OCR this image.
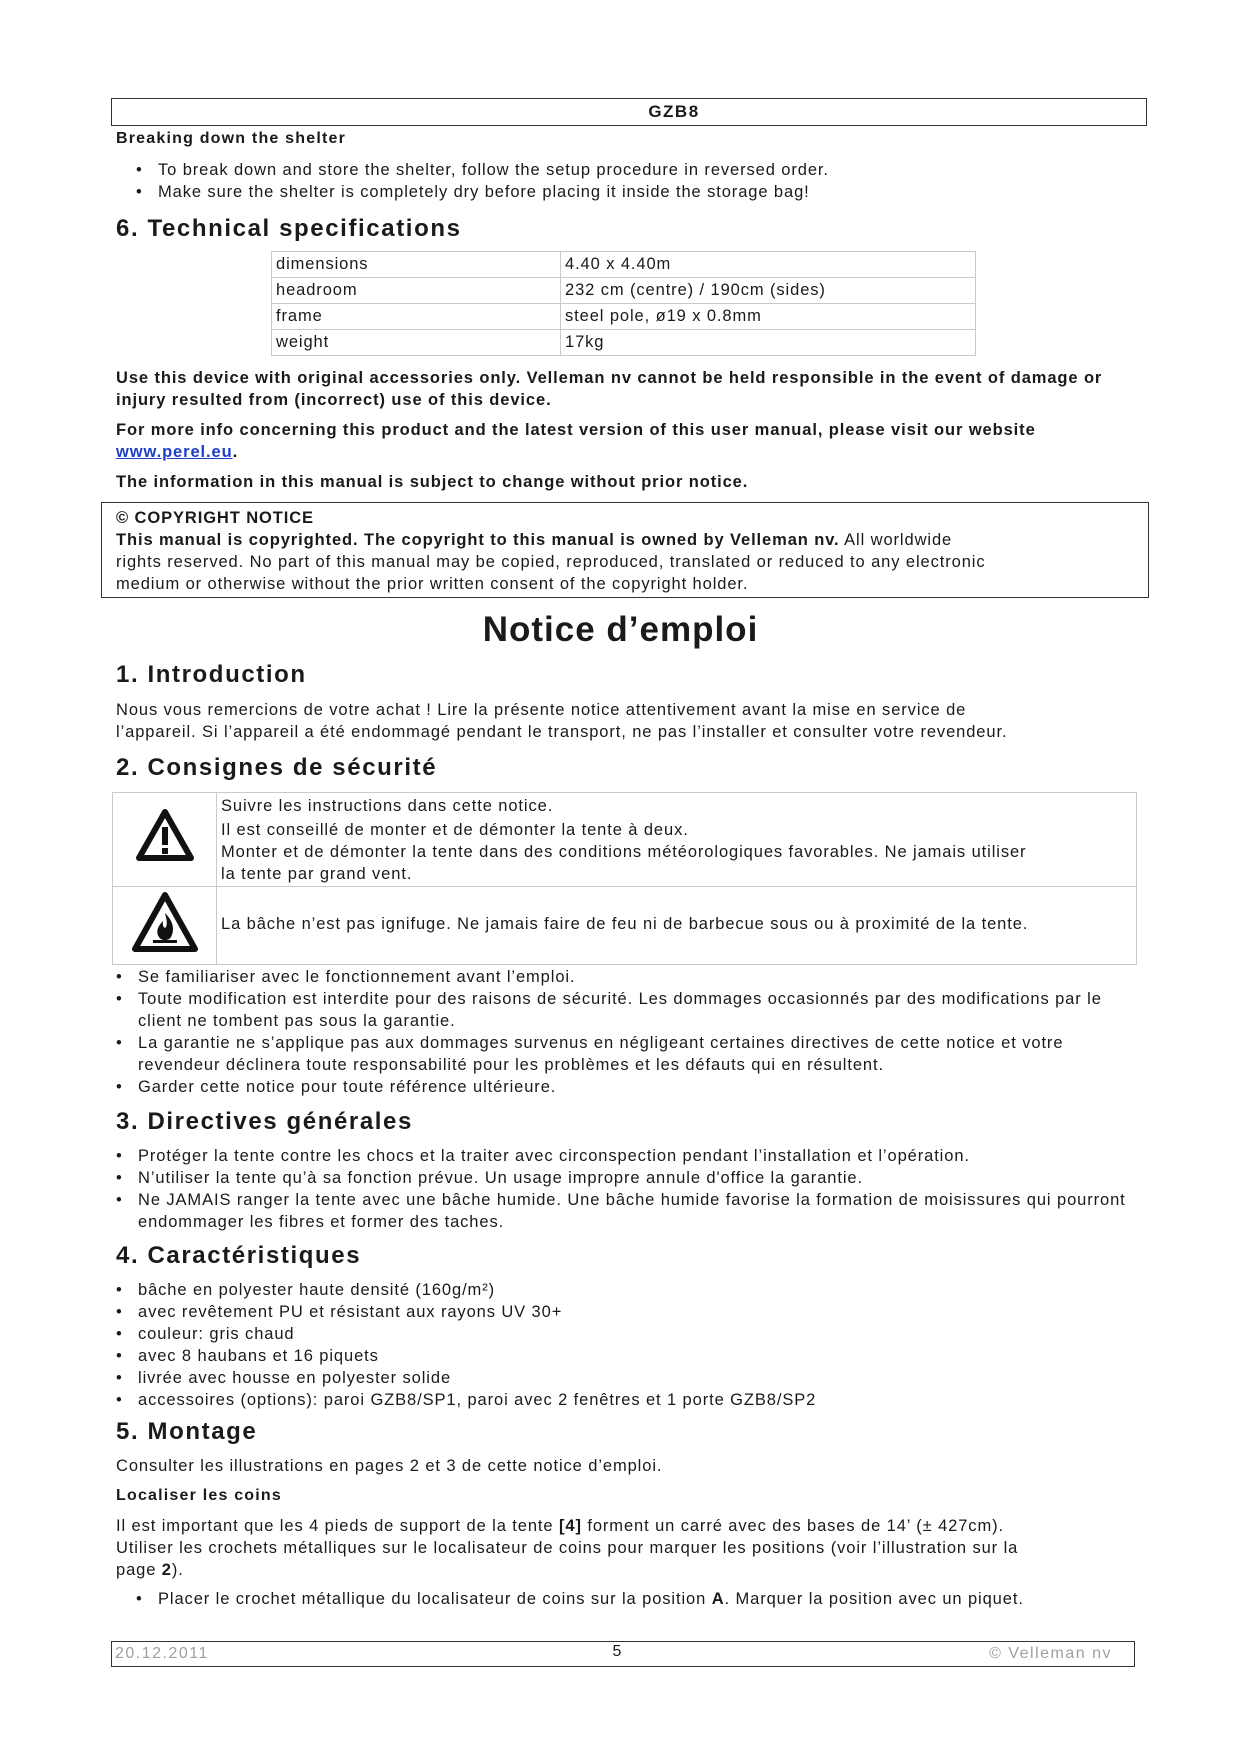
GZB8
Breaking down the shelter
• To break down and store the shelter, follow the setup procedure in reversed order.
• Make sure the shelter is completely dry before placing it inside the storage bag!
6. Technical specifications
dimensions	4.40 x 4.40m
headroom	232 cm (centre) / 190cm (sides)
frame	steel pole, ø19 x 0.8mm
weight	17kg
Use this device with original accessories only. Velleman nv cannot be held responsible in the event of damage or injury resulted from (incorrect) use of this device.
For more info concerning this product and the latest version of this user manual, please visit our website www.perel.eu.
The information in this manual is subject to change without prior notice.
© COPYRIGHT NOTICE
This manual is copyrighted. The copyright to this manual is owned by Velleman nv. All worldwide
rights reserved. No part of this manual may be copied, reproduced, translated or reduced to any electronic
medium or otherwise without the prior written consent of the copyright holder.
Notice d’emploi
1. Introduction
Nous vous remercions de votre achat ! Lire la présente notice attentivement avant la mise en service de
l’appareil. Si l’appareil a été endommagé pendant le transport, ne pas l’installer et consulter votre revendeur.
2. Consignes de sécurité
Suivre les instructions dans cette notice.
Il est conseillé de monter et de démonter la tente à deux.
Monter et de démonter la tente dans des conditions météorologiques favorables. Ne jamais utiliser
la tente par grand vent.
La bâche n’est pas ignifuge. Ne jamais faire de feu ni de barbecue sous ou à proximité de la tente.
• Se familiariser avec le fonctionnement avant l’emploi.
• Toute modification est interdite pour des raisons de sécurité. Les dommages occasionnés par des modifications par le client ne tombent pas sous la garantie.
• La garantie ne s’applique pas aux dommages survenus en négligeant certaines directives de cette notice et votre revendeur déclinera toute responsabilité pour les problèmes et les défauts qui en résultent.
• Garder cette notice pour toute référence ultérieure.
3. Directives générales
• Protéger la tente contre les chocs et la traiter avec circonspection pendant l’installation et l’opération.
• N’utiliser la tente qu’à sa fonction prévue. Un usage impropre annule d'office la garantie.
• Ne JAMAIS ranger la tente avec une bâche humide. Une bâche humide favorise la formation de moisissures qui pourront endommager les fibres et former des taches.
4. Caractéristiques
• bâche en polyester haute densité (160g/m²)
• avec revêtement PU et résistant aux rayons UV 30+
• couleur: gris chaud
• avec 8 haubans et 16 piquets
• livrée avec housse en polyester solide
• accessoires (options): paroi GZB8/SP1, paroi avec 2 fenêtres et 1 porte GZB8/SP2
5. Montage
Consulter les illustrations en pages 2 et 3 de cette notice d’emploi.
Localiser les coins
Il est important que les 4 pieds de support de la tente [4] forment un carré avec des bases de 14’ (± 427cm).
Utiliser les crochets métalliques sur le localisateur de coins pour marquer les positions (voir l’illustration sur la
page 2).
• Placer le crochet métallique du localisateur de coins sur la position A. Marquer la position avec un piquet.
20.12.2011	5	© Velleman nv
